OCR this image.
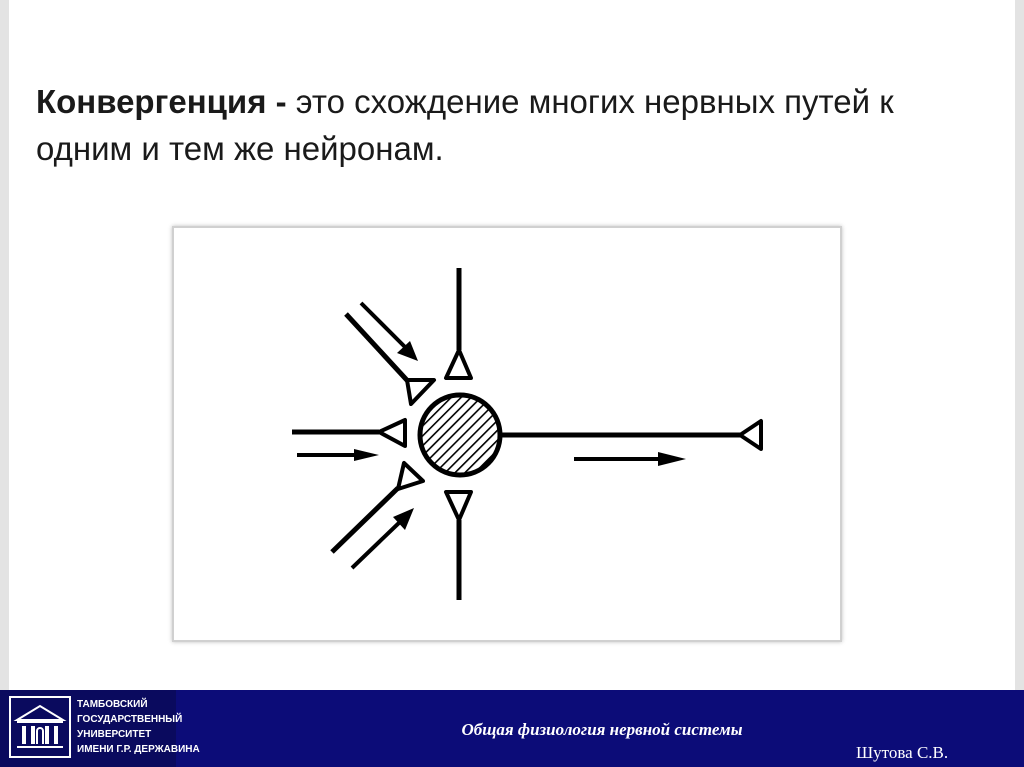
Конвергенция - это схождение многих нервных путей к одним и тем же нейронам.
ТАМБОВСКИЙ
ГОСУДАРСТВЕННЫЙ
УНИВЕРСИТЕТ
ИМЕНИ Г.Р. ДЕРЖАВИНА
Общая физиология нервной системы
Шутова С.В.
